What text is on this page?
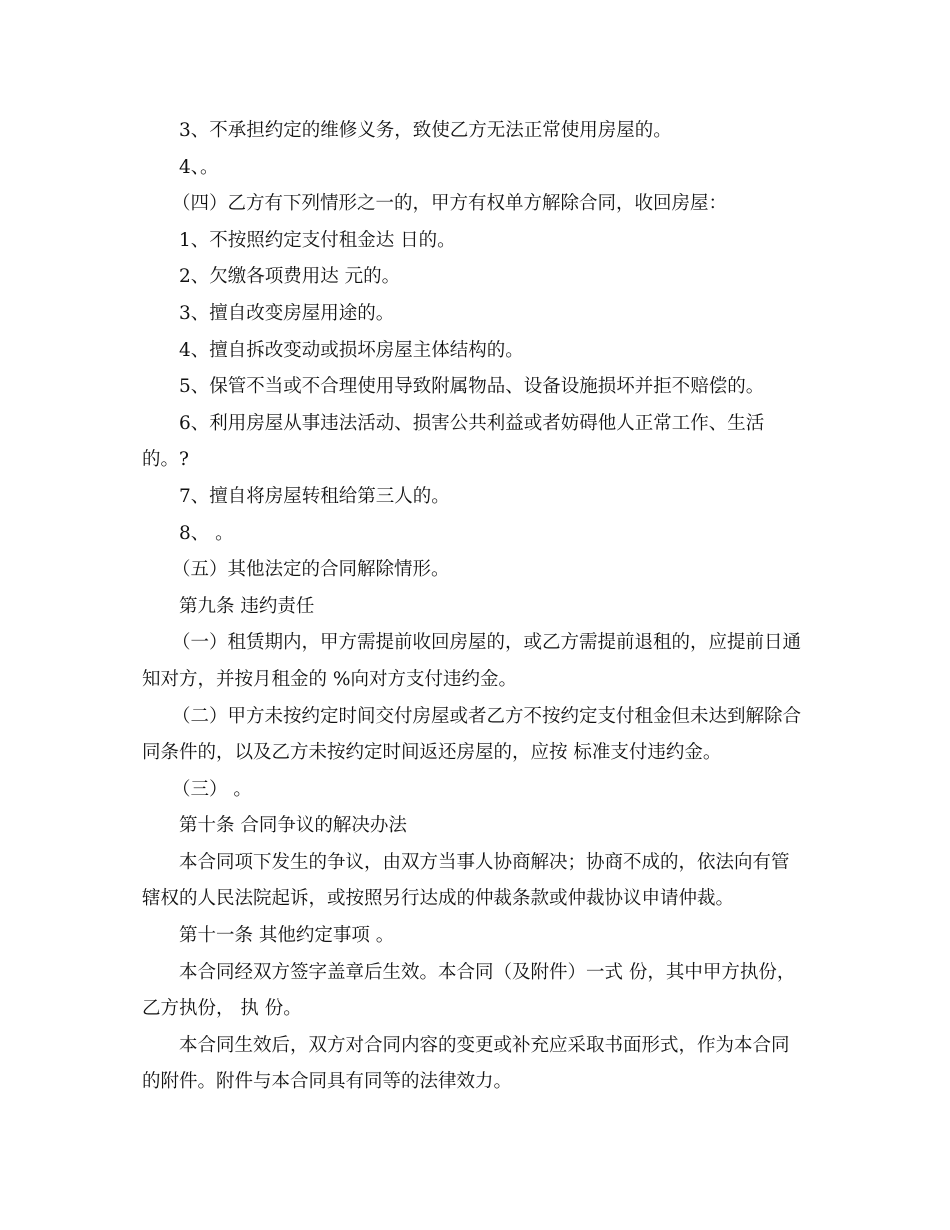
3、不承担约定的维修义务，致使乙方无法正常使用房屋的。

4、。

（四）乙方有下列情形之一的，甲方有权单方解除合同，收回房屋：

1、不按照约定支付租金达 日的。

2、欠缴各项费用达 元的。

3、擅自改变房屋用途的。

4、擅自拆改变动或损坏房屋主体结构的。

5、保管不当或不合理使用导致附属物品、设备设施损坏并拒不赔偿的。

6、利用房屋从事违法活动、损害公共利益或者妨碍他人正常工作、生活的。?

7、擅自将房屋转租给第三人的。

8、 。

（五）其他法定的合同解除情形。

第九条 违约责任

（一）租赁期内，甲方需提前收回房屋的，或乙方需提前退租的，应提前日通知对方，并按月租金的 %向对方支付违约金。

（二）甲方未按约定时间交付房屋或者乙方不按约定支付租金但未达到解除合同条件的，以及乙方未按约定时间返还房屋的，应按 标准支付违约金。

（三） 。

第十条 合同争议的解决办法

本合同项下发生的争议，由双方当事人协商解决；协商不成的，依法向有管辖权的人民法院起诉，或按照另行达成的仲裁条款或仲裁协议申请仲裁。

第十一条 其他约定事项 。

本合同经双方签字盖章后生效。本合同（及附件）一式 份，其中甲方执份，乙方执份， 执 份。

本合同生效后，双方对合同内容的变更或补充应采取书面形式，作为本合同的附件。附件与本合同具有同等的法律效力。
